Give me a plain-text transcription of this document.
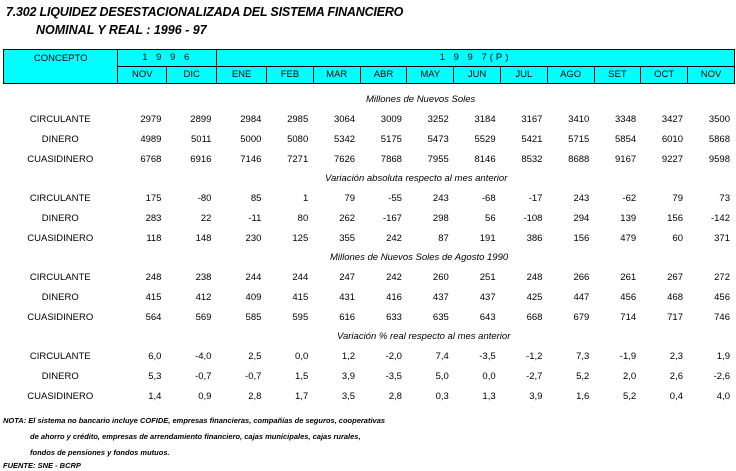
7.302 LIQUIDEZ DESESTACIONALIZADA DEL SISTEMA FINANCIERO
NOMINAL Y REAL : 1996 - 97
CONCEPTO	1 9 9 6		1 9 9 7(P)										
	NOV	DIC	ENE	FEB	MAR	ABR	MAY	JUN	JUL	AGO	SET	OCT	NOV
Millones de Nuevos Soles
CIRCULANTE	2979	2899	2984	2985	3064	3009	3252	3184	3167	3410	3348	3427	3500
DINERO	4989	5011	5000	5080	5342	5175	5473	5529	5421	5715	5854	6010	5868
CUASIDINERO	6768	6916	7146	7271	7626	7868	7955	8146	8532	8688	9167	9227	9598
Variación absoluta respecto al mes anterior
CIRCULANTE	175	-80	85	1	79	-55	243	-68	-17	243	-62	79	73
DINERO	283	22	-11	80	262	-167	298	56	-108	294	139	156	-142
CUASIDINERO	118	148	230	125	355	242	87	191	386	156	479	60	371
Millones de Nuevos Soles de Agosto 1990
CIRCULANTE	248	238	244	244	247	242	260	251	248	266	261	267	272
DINERO	415	412	409	415	431	416	437	437	425	447	456	468	456
CUASIDINERO	564	569	585	595	616	633	635	643	668	679	714	717	746
Variación % real respecto al mes anterior
CIRCULANTE	6,0	-4,0	2,5	0,0	1,2	-2,0	7,4	-3,5	-1,2	7,3	-1,9	2,3	1,9
DINERO	5,3	-0,7	-0,7	1,5	3,9	-3,5	5,0	0,0	-2,7	5,2	2,0	2,6	-2,6
CUASIDINERO	1,4	0,9	2,8	1,7	3,5	2,8	0,3	1,3	3,9	1,6	5,2	0,4	4,0
NOTA: El sistema no bancario incluye COFIDE, empresas financieras, compañías de seguros, cooperativas
de ahorro y crédito, empresas de arrendamiento financiero, cajas municipales, cajas rurales,
fondos de pensiones y fondos mutuos.
FUENTE: SNE - BCRP
